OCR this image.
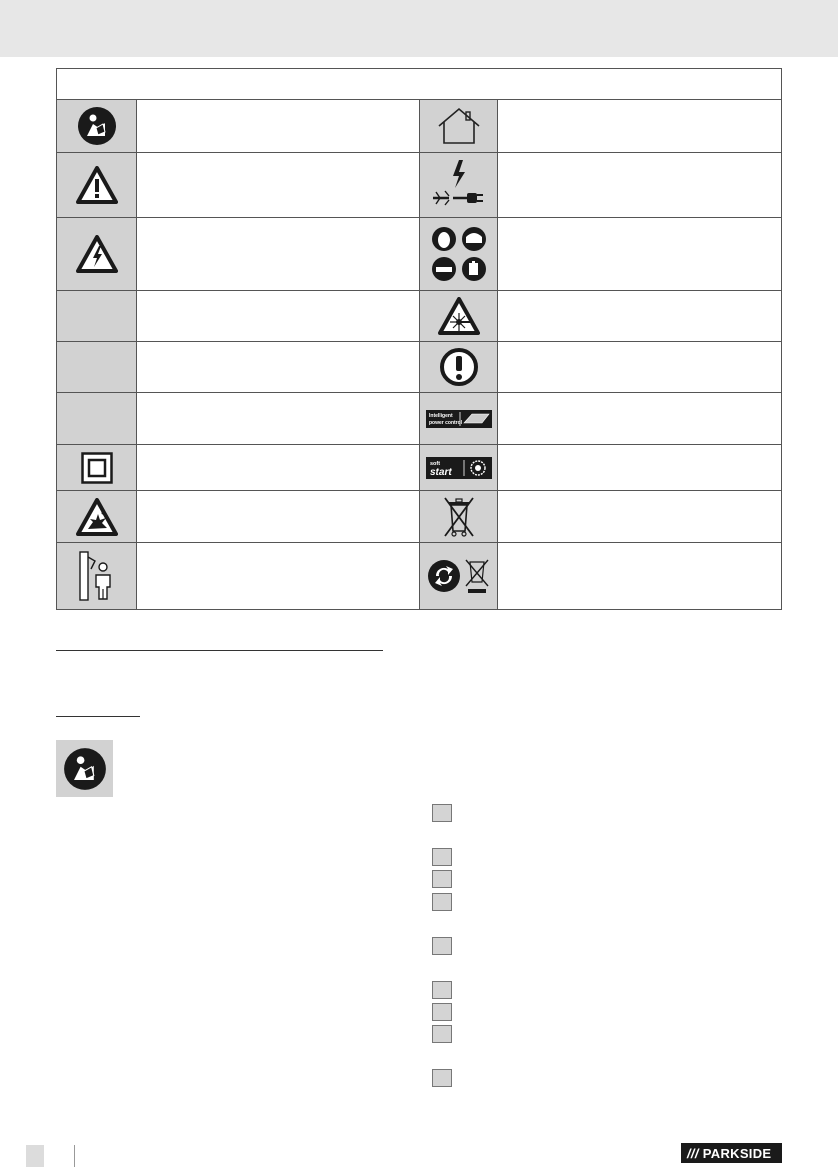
Intelligent
power control
soft
start
/// PARKSIDE
